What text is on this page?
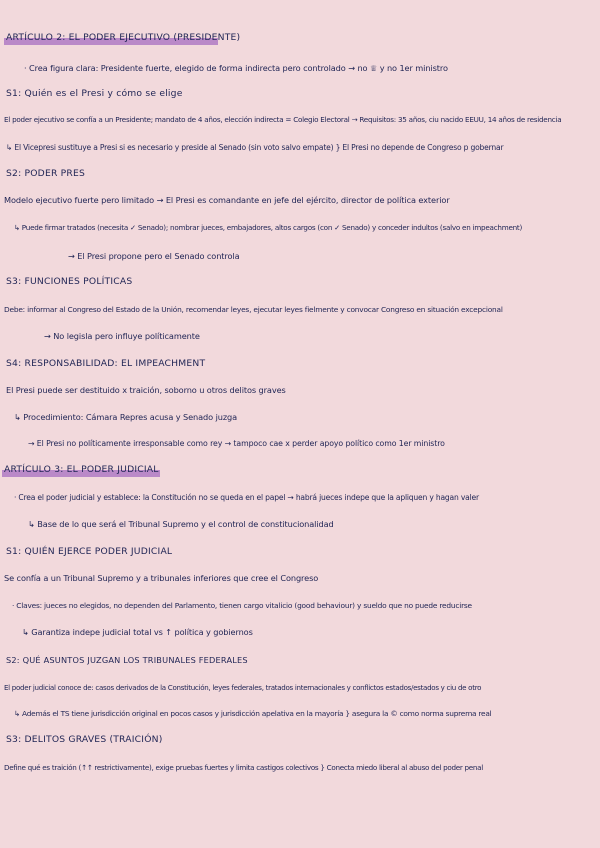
ARTÍCULO 2: EL PODER EJECUTIVO (PRESIDENTE)
· Crea figura clara: Presidente fuerte, elegido de forma indirecta pero controlado → no ♕ y no 1er ministro
S1: Quién es el Presi y cómo se elige
El poder ejecutivo se confía a un Presidente; mandato de 4 años, elección indirecta = Colegio Electoral → Requisitos: 35 años, ciu nacido EEUU, 14 años de residencia
↳ El Vicepresi sustituye a Presi si es necesario y preside al Senado (sin voto salvo empate) } El Presi no depende de Congreso p gobernar
S2: PODER PRES
Modelo ejecutivo fuerte pero limitado → El Presi es comandante en jefe del ejército, director de política exterior
↳ Puede firmar tratados (necesita ✓ Senado); nombrar jueces, embajadores, altos cargos (con ✓ Senado) y conceder indultos (salvo en impeachment)
→ El Presi propone pero el Senado controla
S3: FUNCIONES POLÍTICAS
Debe: informar al Congreso del Estado de la Unión, recomendar leyes, ejecutar leyes fielmente y convocar Congreso en situación excepcional
→ No legisla pero influye políticamente
S4: RESPONSABILIDAD: EL IMPEACHMENT
El Presi puede ser destituido x traición, soborno u otros delitos graves
↳ Procedimiento: Cámara Repres acusa y Senado juzga
→ El Presi no políticamente irresponsable como rey → tampoco cae x perder apoyo político como 1er ministro
ARTÍCULO 3: EL PODER JUDICIAL
· Crea el poder judicial y establece: la Constitución no se queda en el papel → habrá jueces indepe que la apliquen y hagan valer
↳ Base de lo que será el Tribunal Supremo y el control de constitucionalidad
S1: QUIÉN EJERCE PODER JUDICIAL
Se confía a un Tribunal Supremo y a tribunales inferiores que cree el Congreso
· Claves: jueces no elegidos, no dependen del Parlamento, tienen cargo vitalicio (good behaviour) y sueldo que no puede reducirse
↳ Garantiza indepe judicial total vs ↑ política y gobiernos
S2: QUÉ ASUNTOS JUZGAN LOS TRIBUNALES FEDERALES
El poder judicial conoce de: casos derivados de la Constitución, leyes federales, tratados internacionales y conflictos estados/estados y ciu de otro
↳ Además el TS tiene jurisdicción original en pocos casos y jurisdicción apelativa en la mayoría } asegura la © como norma suprema real
S3: DELITOS GRAVES (TRAICIÓN)
Define qué es traición (↑↑ restrictivamente), exige pruebas fuertes y limita castigos colectivos } Conecta miedo liberal al abuso del poder penal
